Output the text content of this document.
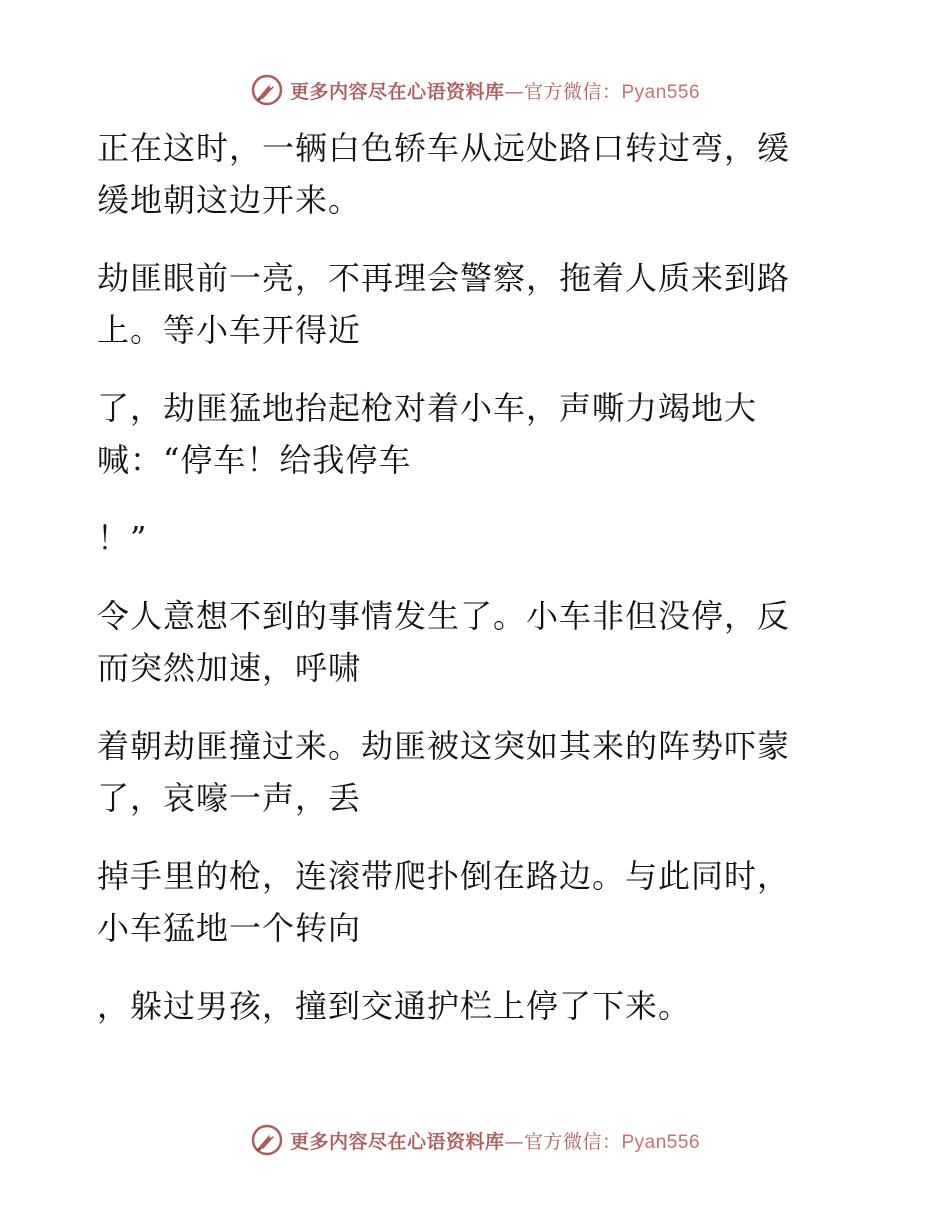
更多内容尽在心语资料库—官方微信：Pyan556

正在这时，一辆白色轿车从远处路口转过弯，缓
缓地朝这边开来。

劫匪眼前一亮，不再理会警察，拖着人质来到路
上。等小车开得近

了，劫匪猛地抬起枪对着小车，声嘶力竭地大
喊：“停车！给我停车

！”

令人意想不到的事情发生了。小车非但没停，反
而突然加速，呼啸

着朝劫匪撞过来。劫匪被这突如其来的阵势吓蒙
了，哀嚎一声，丢

掉手里的枪，连滚带爬扑倒在路边。与此同时，
小车猛地一个转向

，躲过男孩，撞到交通护栏上停了下来。

更多内容尽在心语资料库—官方微信：Pyan556
